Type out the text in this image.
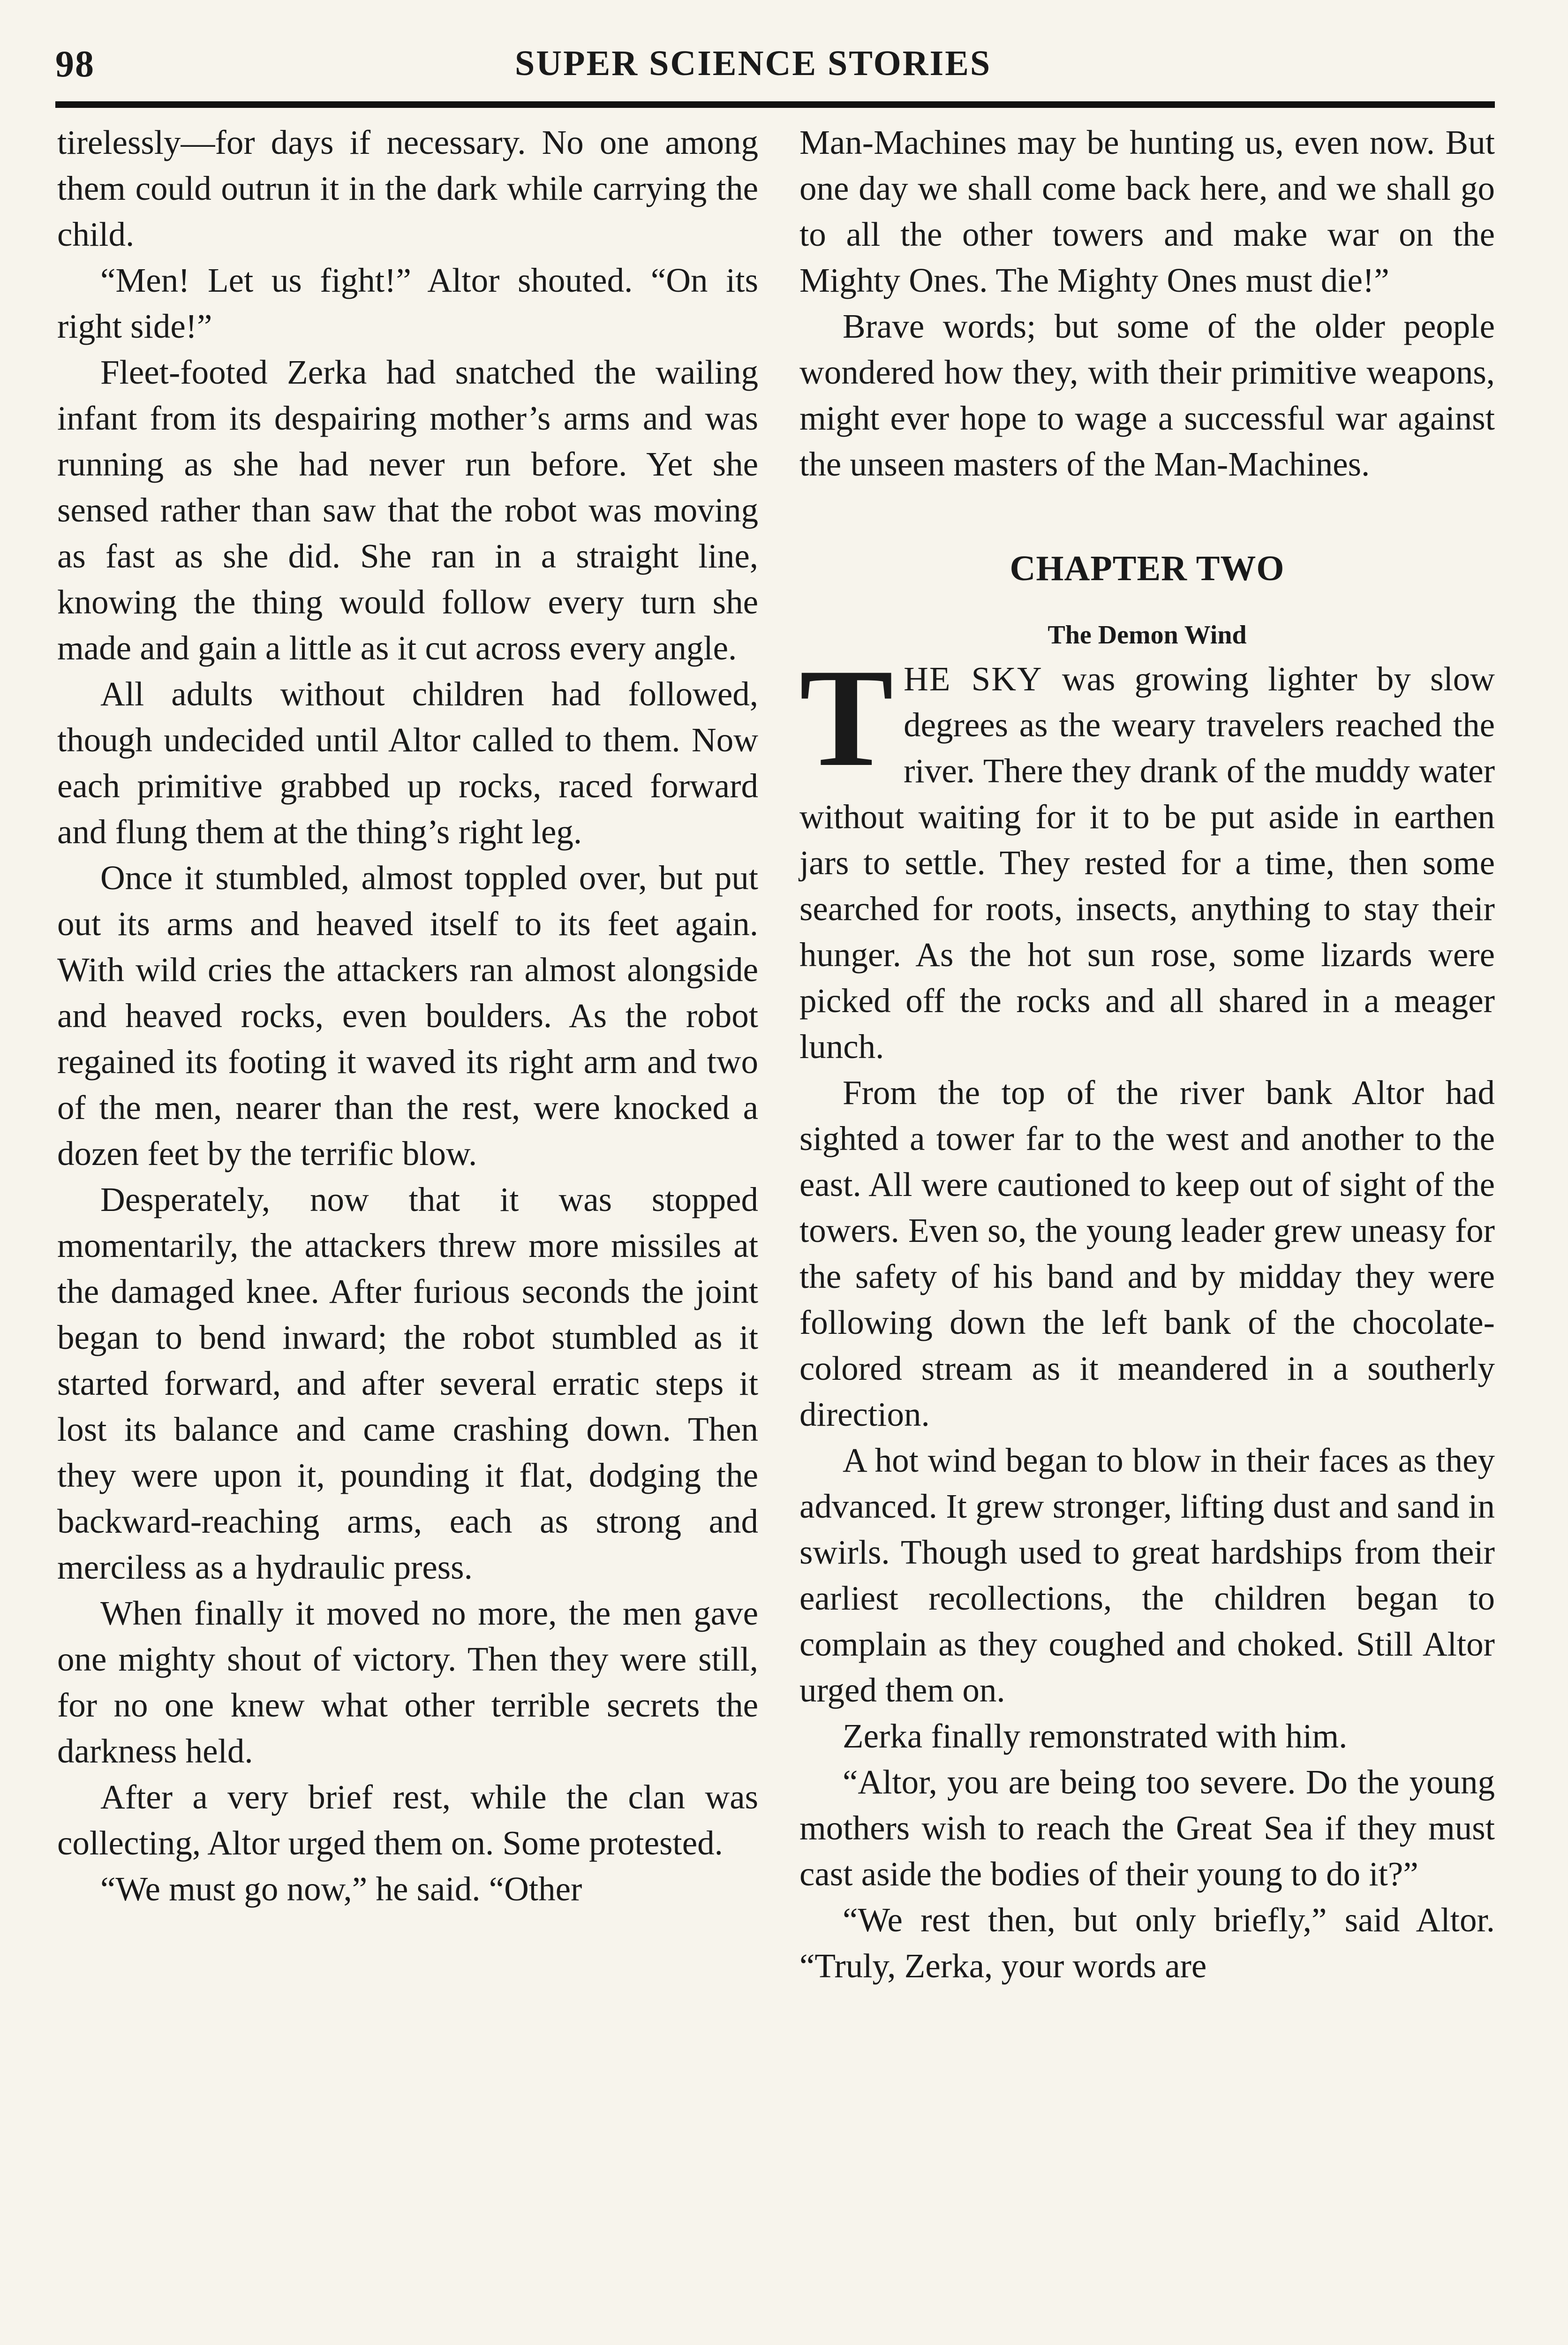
98	SUPER SCIENCE STORIES

tirelessly—for days if necessary. No one among them could outrun it in the dark while carrying the child.

“Men! Let us fight!” Altor shouted. “On its right side!”

Fleet-footed Zerka had snatched the wailing infant from its despairing mother’s arms and was running as she had never run before. Yet she sensed rather than saw that the robot was moving as fast as she did. She ran in a straight line, knowing the thing would follow every turn she made and gain a little as it cut across every angle.

All adults without children had followed, though undecided until Altor called to them. Now each primitive grabbed up rocks, raced forward and flung them at the thing’s right leg.

Once it stumbled, almost toppled over, but put out its arms and heaved itself to its feet again. With wild cries the attackers ran almost alongside and heaved rocks, even boulders. As the robot regained its footing it waved its right arm and two of the men, nearer than the rest, were knocked a dozen feet by the terrific blow.

Desperately, now that it was stopped momentarily, the attackers threw more missiles at the damaged knee. After furious seconds the joint began to bend inward; the robot stumbled as it started forward, and after several erratic steps it lost its balance and came crashing down. Then they were upon it, pounding it flat, dodging the backward-reaching arms, each as strong and merciless as a hydraulic press.

When finally it moved no more, the men gave one mighty shout of victory. Then they were still, for no one knew what other terrible secrets the darkness held.

After a very brief rest, while the clan was collecting, Altor urged them on. Some protested.

“We must go now,” he said. “Other

Man-Machines may be hunting us, even now. But one day we shall come back here, and we shall go to all the other towers and make war on the Mighty Ones. The Mighty Ones must die!”

Brave words; but some of the older people wondered how they, with their primitive weapons, might ever hope to wage a successful war against the unseen masters of the Man-Machines.

CHAPTER TWO
The Demon Wind

THE SKY was growing lighter by slow degrees as the weary travelers reached the river. There they drank of the muddy water without waiting for it to be put aside in earthen jars to settle. They rested for a time, then some searched for roots, insects, anything to stay their hunger. As the hot sun rose, some lizards were picked off the rocks and all shared in a meager lunch.

From the top of the river bank Altor had sighted a tower far to the west and another to the east. All were cautioned to keep out of sight of the towers. Even so, the young leader grew uneasy for the safety of his band and by midday they were following down the left bank of the chocolate-colored stream as it meandered in a southerly direction.

A hot wind began to blow in their faces as they advanced. It grew stronger, lifting dust and sand in swirls. Though used to great hardships from their earliest recollections, the children began to complain as they coughed and choked. Still Altor urged them on.

Zerka finally remonstrated with him.

“Altor, you are being too severe. Do the young mothers wish to reach the Great Sea if they must cast aside the bodies of their young to do it?”

“We rest then, but only briefly,” said Altor. “Truly, Zerka, your words are
